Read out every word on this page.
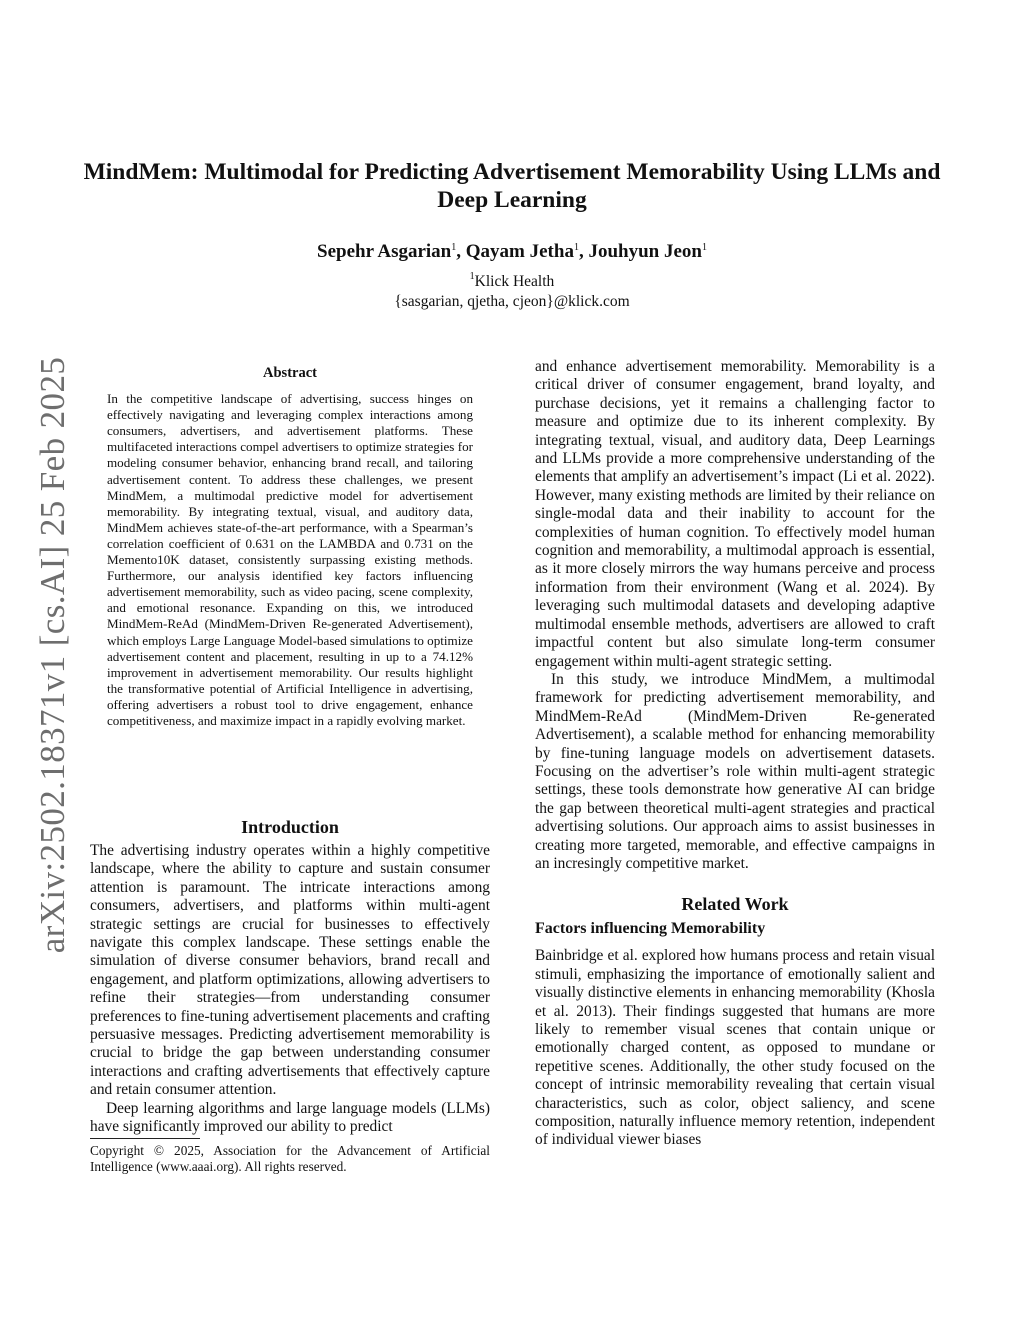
MindMem: Multimodal for Predicting Advertisement Memorability Using LLMs and Deep Learning
Sepehr Asgarian$^1$, Qayam Jetha$^1$, Jouhyun Jeon$^1$
$^1$Klick Health
{sasgarian, qjetha, cjeon}@klick.com
arXiv:2502.18371v1 [cs.AI] 25 Feb 2025	Abstract

In the competitive landscape of advertising, success hinges on effectively navigating and leveraging complex interactions among consumers, advertisers, and advertisement platforms. These multifaceted interactions compel advertisers to optimize strategies for modeling consumer behavior, enhancing brand recall, and tailoring advertisement content. To address these challenges, we present MindMem, a multimodal predictive model for advertisement memorability. By integrating textual, visual, and auditory data, MindMem achieves state-of-the-art performance, with a Spearman’s correlation coefficient of 0.631 on the LAMBDA and 0.731 on the Memento10K dataset, consistently surpassing existing methods. Furthermore, our analysis identified key factors influencing advertisement memorability, such as video pacing, scene complexity, and emotional resonance. Expanding on this, we introduced MindMem-ReAd (MindMem-Driven Re-generated Advertisement), which employs Large Language Model-based simulations to optimize advertisement content and placement, resulting in up to a 74.12% improvement in advertisement memorability. Our results highlight the transformative potential of Artificial Intelligence in advertising, offering advertisers a robust tool to drive engagement, enhance competitiveness, and maximize impact in a rapidly evolving market.

Introduction

The advertising industry operates within a highly competitive landscape, where the ability to capture and sustain consumer attention is paramount. The intricate interactions among consumers, advertisers, and platforms within multi-agent strategic settings are crucial for businesses to effectively navigate this complex landscape. These settings enable the simulation of diverse consumer behaviors, brand recall and engagement, and platform optimizations, allowing advertisers to refine their strategies—from understanding consumer preferences to fine-tuning advertisement placements and crafting persuasive messages. Predicting advertisement memorability is crucial to bridge the gap between understanding consumer interactions and crafting advertisements that effectively capture and retain consumer attention.

Deep learning algorithms and large language models (LLMs) have significantly improved our ability to predict

Copyright © 2025, Association for the Advancement of Artificial Intelligence (www.aaai.org). All rights reserved.

and enhance advertisement memorability. Memorability is a critical driver of consumer engagement, brand loyalty, and purchase decisions, yet it remains a challenging factor to measure and optimize due to its inherent complexity. By integrating textual, visual, and auditory data, Deep Learnings and LLMs provide a more comprehensive understanding of the elements that amplify an advertisement’s impact (Li et al. 2022). However, many existing methods are limited by their reliance on single-modal data and their inability to account for the complexities of human cognition. To effectively model human cognition and memorability, a multimodal approach is essential, as it more closely mirrors the way humans perceive and process information from their environment (Wang et al. 2024). By leveraging such multimodal datasets and developing adaptive multimodal ensemble methods, advertisers are allowed to craft impactful content but also simulate long-term consumer engagement within multi-agent strategic setting.

In this study, we introduce MindMem, a multimodal framework for predicting advertisement memorability, and MindMem-ReAd (MindMem-Driven Re-generated Advertisement), a scalable method for enhancing memorability by fine-tuning language models on advertisement datasets. Focusing on the advertiser’s role within multi-agent strategic settings, these tools demonstrate how generative AI can bridge the gap between theoretical multi-agent strategies and practical advertising solutions. Our approach aims to assist businesses in creating more targeted, memorable, and effective campaigns in an incresingly competitive market.

Related Work
Factors influencing Memorability

Bainbridge et al. explored how humans process and retain visual stimuli, emphasizing the importance of emotionally salient and visually distinctive elements in enhancing memorability (Khosla et al. 2013). Their findings suggested that humans are more likely to remember visual scenes that contain unique or emotionally charged content, as opposed to mundane or repetitive scenes. Additionally, the other study focused on the concept of intrinsic memorability revealing that certain visual characteristics, such as color, object saliency, and scene composition, naturally influence memory retention, independent of individual viewer biases
